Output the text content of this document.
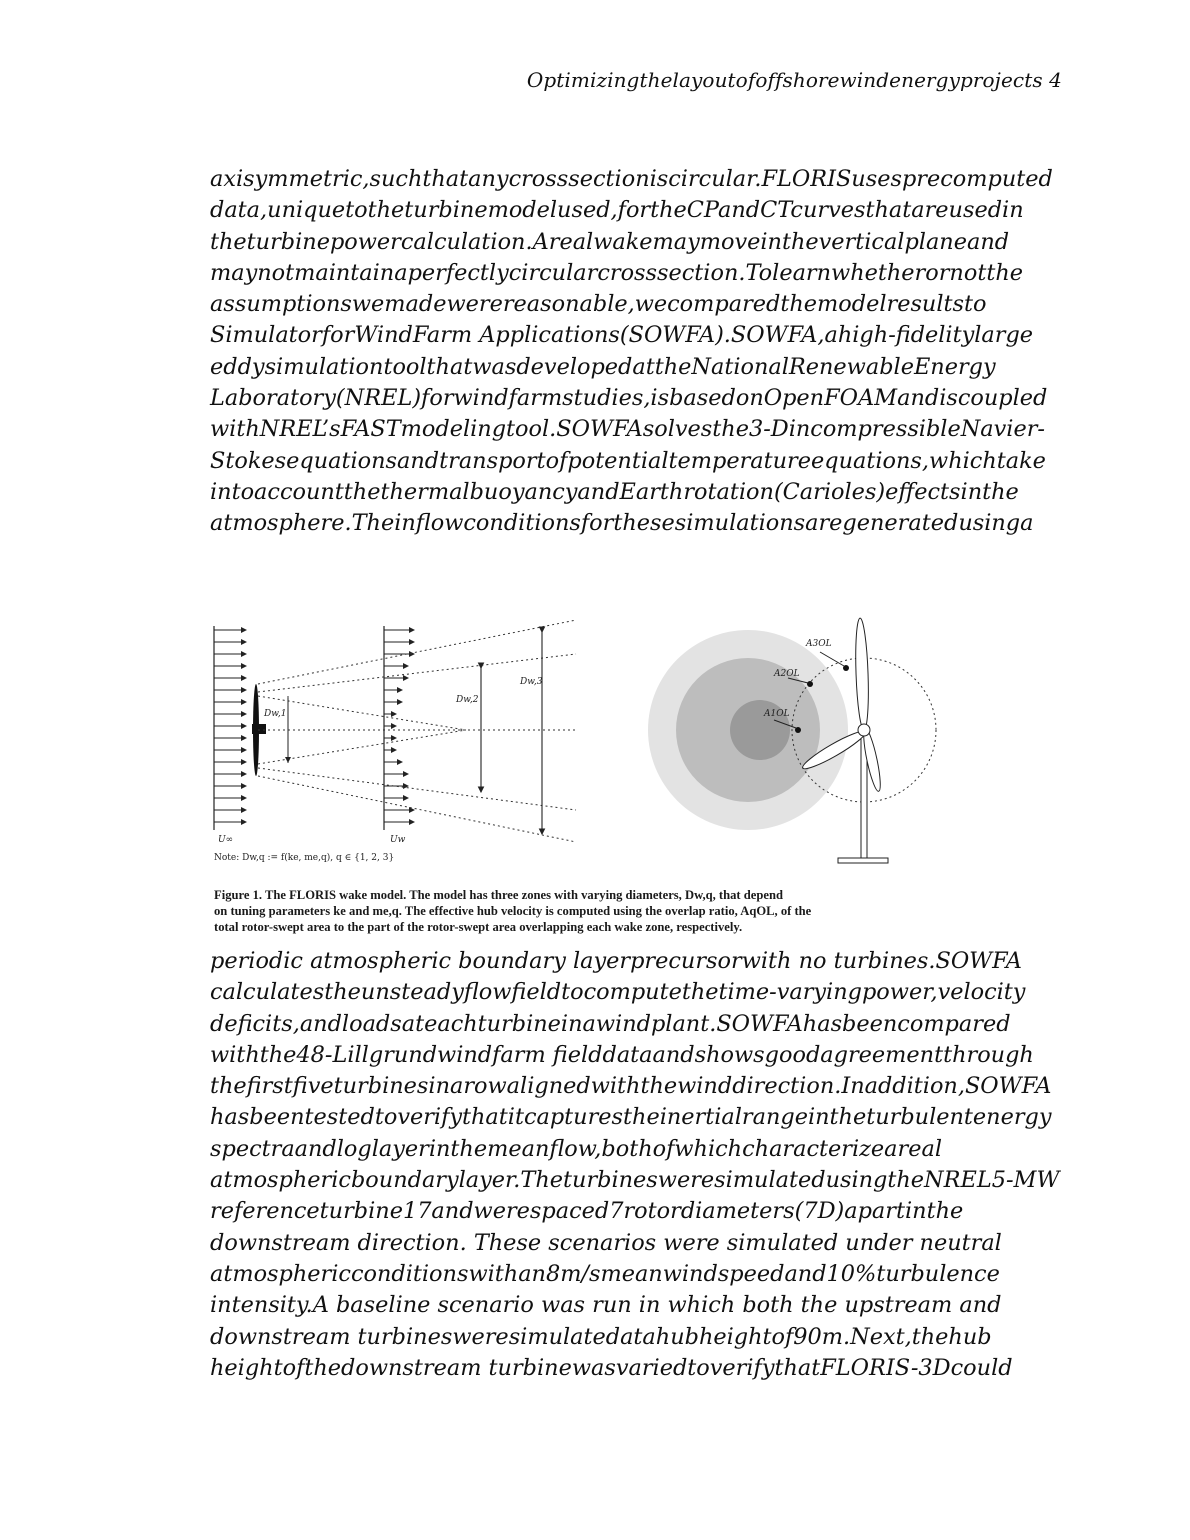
Optimizingthelayoutofoffshorewindenergyprojects 4

axisymmetric,suchthatanycrosssectioniscircular.FLORISusesprecomputed
data,uniquetotheturbinemodelused,fortheCPandCTcurvesthatareusedin
theturbinepowercalculation.Arealwakemaymoveintheverticalplaneand
maynotmaintainaperfectlycircularcrosssection.Tolearnwhetherornotthe
assumptionswemadewerereasonable,wecomparedthemodelresultsto
SimulatorforWindFarm Applications(SOWFA).SOWFA,ahigh-fidelitylarge
eddysimulationtoolthatwasdevelopedattheNationalRenewableEnergy
Laboratory(NREL)forwindfarmstudies,isbasedonOpenFOAMandiscoupled
withNREL’sFASTmodelingtool.SOWFAsolvesthe3-DincompressibleNavier-
Stokesequationsandtransportofpotentialtemperatureequations,whichtake
intoaccountthethermalbuoyancyandEarthrotation(Carioles)effectsinthe
atmosphere.Theinflowconditionsforthesesimulationsaregeneratedusinga

Dw,1
Dw,2
Dw,3
U∞	Uw
Note: Dw,q := f(ke, me,q), q ∈ {1, 2, 3}
A1OL
A2OL
A3OL
Figure 1. The FLORIS wake model. The model has three zones with varying diameters, Dw,q, that depend
on tuning parameters ke and me,q. The effective hub velocity is computed using the overlap ratio, AqOL, of the
total rotor-swept area to the part of the rotor-swept area overlapping each wake zone, respectively.

periodic atmospheric boundary layerprecursorwith no turbines.SOWFA
calculatestheunsteadyflowfieldtocomputethetime-varyingpower,velocity
deficits,andloadsateachturbineinawindplant.SOWFAhasbeencompared
withthe48-Lillgrundwindfarm fielddataandshowsgoodagreementthrough
thefirstfiveturbinesinarowalignedwiththewinddirection.Inaddition,SOWFA
hasbeentestedtoverifythatitcapturestheinertialrangeintheturbulentenergy
spectraandloglayerinthemeanflow,bothofwhichcharacterizeareal
atmosphericboundarylayer.TheturbinesweresimulatedusingtheNREL5-MW
referenceturbine17andwerespaced7rotordiameters(7D)apartinthe
downstream direction. These scenarios were simulated under neutral
atmosphericconditionswithan8m/smeanwindspeedand10%turbulence
intensity.A baseline scenario was run in which both the upstream and
downstream turbinesweresimulatedatahubheightof90m.Next,thehub
heightofthedownstream turbinewasvariedtoverifythatFLORIS-3Dcould
